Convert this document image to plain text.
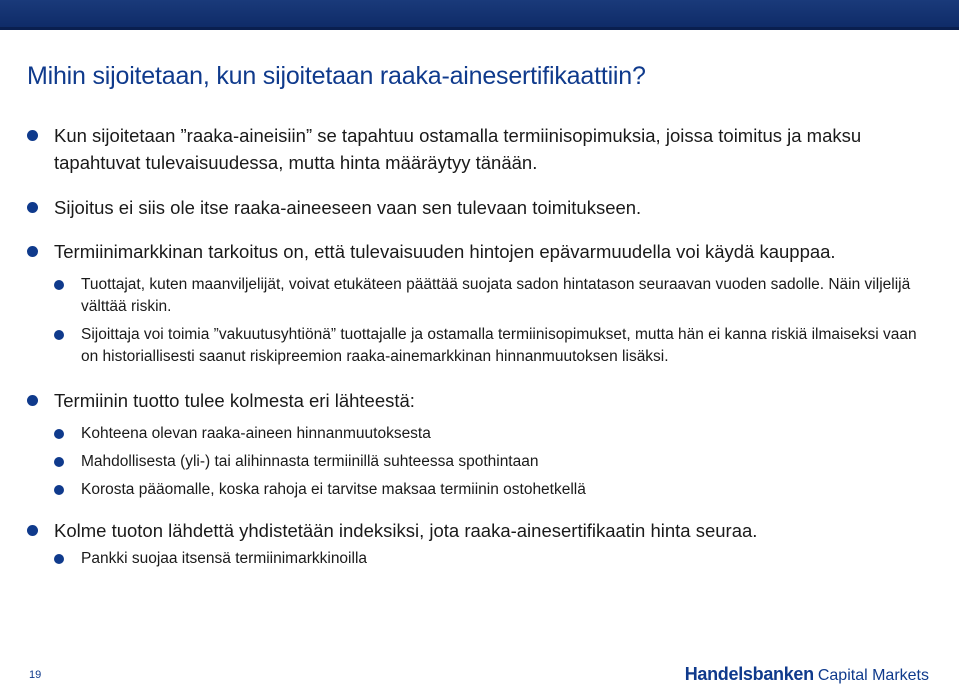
Mihin sijoitetaan, kun sijoitetaan raaka-ainesertifikaattiin?
Kun sijoitetaan ”raaka-aineisiin” se tapahtuu ostamalla termiinisopimuksia, joissa toimitus ja maksu tapahtuvat tulevaisuudessa, mutta hinta määräytyy tänään.
Sijoitus ei siis ole itse raaka-aineeseen vaan sen tulevaan toimitukseen.
Termiinimarkkinan tarkoitus on, että tulevaisuuden hintojen epävarmuudella voi käydä kauppaa.
Tuottajat, kuten maanviljelijät, voivat etukäteen päättää suojata sadon hintatason seuraavan vuoden sadolle. Näin viljelijä välttää riskin.
Sijoittaja voi toimia ”vakuutusyhtiönä” tuottajalle ja ostamalla termiinisopimukset, mutta hän ei kanna riskiä ilmaiseksi vaan on historiallisesti saanut riskipreemion raaka-ainemarkkinan hinnanmuutoksen lisäksi.
Termiinin tuotto tulee kolmesta eri lähteestä:
Kohteena olevan raaka-aineen hinnanmuutoksesta
Mahdollisesta (yli-) tai alihinnasta termiinillä suhteessa spothintaan
Korosta pääomalle, koska rahoja ei tarvitse maksaa termiinin ostohetkellä
Kolme tuoton lähdettä yhdistetään indeksiksi, jota raaka-ainesertifikaatin hinta seuraa.
Pankki suojaa itsensä termiinimarkkinoilla
19	Handelsbanken Capital Markets
